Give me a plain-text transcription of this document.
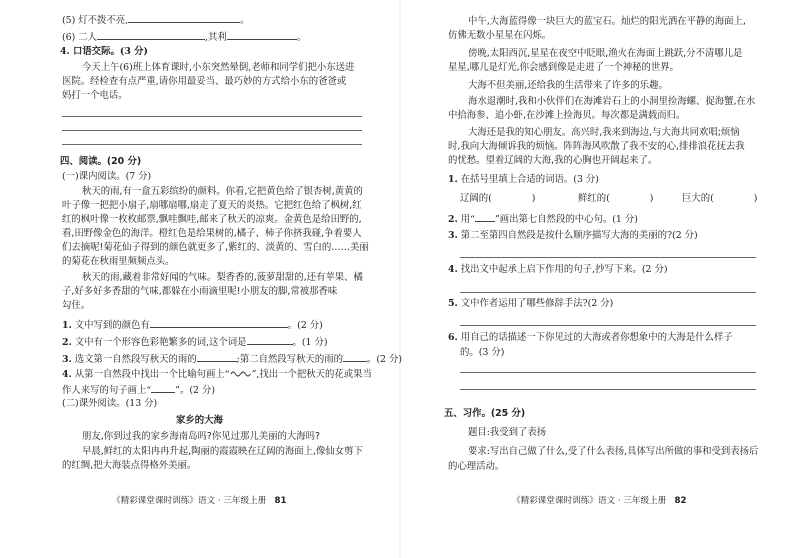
(5) 灯不拨不亮,	。
(6) 二人	,其利	。
4. 口语交际。(3 分)
今天上午(6)班上体育课时,小东突然晕倒,老师和同学们把小东送进
医院。经检查有点严重,请你用最妥当、最巧妙的方式给小东的爸爸或
妈打一个电话。
四、阅读。(20 分)
(一)课内阅读。(7 分)
秋天的雨,有一盒五彩缤纷的颜料。你看,它把黄色给了银杏树,黄黄的
叶子像一把把小扇子,扇哪扇哪,扇走了夏天的炎热。它把红色给了枫树,红
红的枫叶像一枚枚邮票,飘哇飘哇,邮来了秋天的凉爽。金黄色是给田野的,
看,田野像金色的海洋。橙红色是给果树的,橘子、柿子你挤我碰,争着要人
们去摘呢!菊花仙子得到的颜色就更多了,紫红的、淡黄的、雪白的……美丽
的菊花在秋雨里频频点头。
秋天的雨,藏着非常好闻的气味。梨香香的,菠萝甜甜的,还有苹果、橘
子,好多好多香甜的气味,都躲在小雨滴里呢!小朋友的脚,常被那香味
勾住。
1. 文中写到的颜色有	。(2 分)
2. 文中有一个形容色彩艳繁多的词,这个词是	。(1 分)
3. 选文第一自然段写秋天的雨的	;第二自然段写秋天的雨的	。(2 分)
4. 从第一自然段中找出一个比喻句画上“ ”,找出一个把秋天的花或果当
作人来写的句子画上“	”。(2 分)
(二)课外阅读。(13 分)
家乡的大海
朋友,你到过我的家乡海南岛吗?你见过那儿美丽的大海吗?
早晨,鲜红的太阳冉冉升起,陶丽的霞霞映在辽阔的海面上,像仙女剪下
的红绸,把大海装点得格外美丽。
《精彩课堂课时训练》语文 · 三年级上册 81
中午,大海蓝得像一块巨大的蓝宝石。灿烂的阳光洒在平静的海面上,
仿佛无数小星星在闪烁。
傍晚,太阳西沉,星星在夜空中眨眼,渔火在海面上跳跃,分不清哪儿是
星星,哪儿是灯光,你会感到像是走进了一个神秘的世界。
大海不但美丽,还给我的生活带来了许多的乐趣。
海水退潮时,我和小伙伴们在海滩岩石上的小洞里捡海螺、捉海蟹,在水
中拾海参、追小虾,在沙滩上捡海贝。每次都是满载而归。
大海还是我的知心朋友。高兴时,我来到海边,与大海共同欢唱;烦恼
时,我向大海倾诉我的烦恼。阵阵海风吹散了我不安的心,排排浪花抚去我
的忧愁。望着辽阔的大海,我的心胸也开阔起来了。
1. 在括号里填上合适的词语。(3 分)
辽阔的(	)	鲜红的(	)	巨大的(	)
2. 用“ ”画出第七自然段的中心句。(1 分)
3. 第二至第四自然段是按什么顺序描写大海的美丽的?(2 分)
4. 找出文中起承上启下作用的句子,抄写下来。(2 分)
5. 文中作者运用了哪些修辞手法?(2 分)
6. 用自己的话描述一下你见过的大海或者你想象中的大海是什么样子
的。(3 分)
五、习作。(25 分)
题目:我受到了表扬
要求:写出自己做了什么,受了什么表扬,具体写出所做的事和受到表扬后
的心理活动。
《精彩课堂课时训练》语文 · 三年级上册 82
